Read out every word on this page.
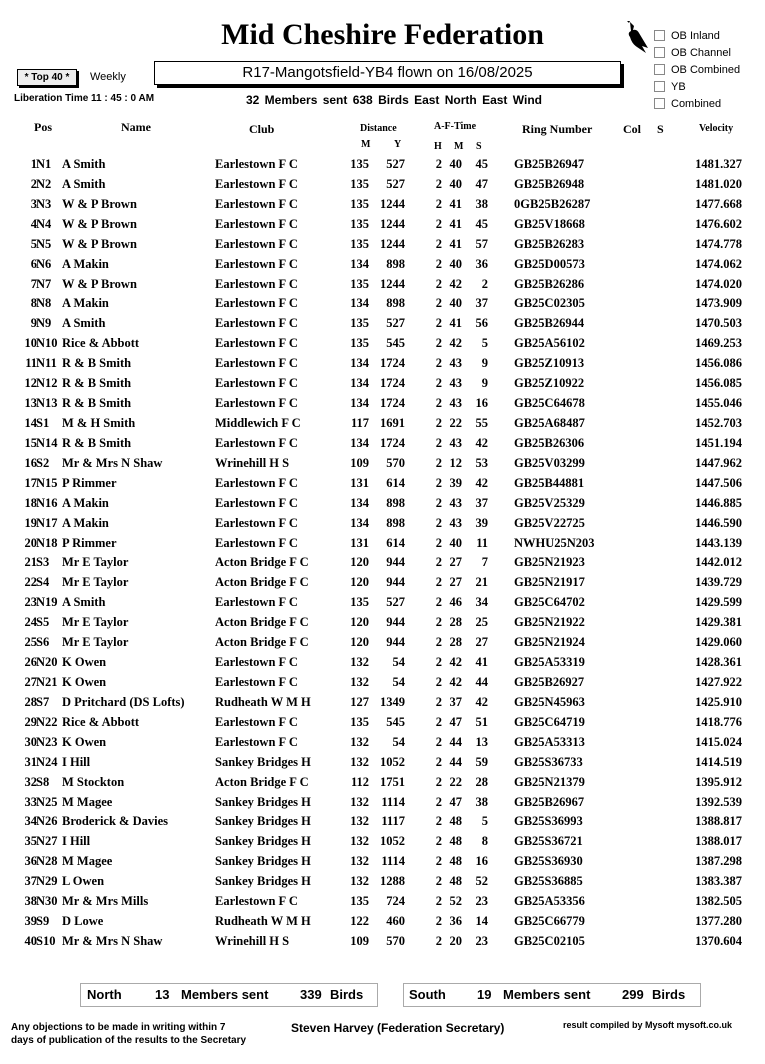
Mid Cheshire Federation	OB Inland
OB Channel
OB Combined
YB
Combined
* Top 40 *	Weekly	R17-Mangotsfield-YB4 flown on 16/08/2025
Liberation Time 11 : 45 : 0 AM	32 Members sent 638 Birds East North East Wind
Pos	Name	Club	Distance
M Y
A-F-Time
H M S
Ring Number	Col S	Velocity
1 N1 A Smith	Earlestown F C	135	527	2 40	45 GB25B26947	1481.327
2 N2 A Smith	Earlestown F C	135	527	2 40	47 GB25B26948	1481.020
3 N3 W & P Brown	Earlestown F C	135 1244	2 41	38 0GB25B26287	1477.668
4 N4 W & P Brown	Earlestown F C	135 1244	2 41	45 GB25V18668	1476.602
5 N5 W & P Brown	Earlestown F C	135 1244	2 41	57 GB25B26283	1474.778
6 N6 A Makin	Earlestown F C	134	898	2 40	36 GB25D00573	1474.062
7 N7 W & P Brown	Earlestown F C	135 1244	2 42	2 GB25B26286	1474.020
8 N8 A Makin	Earlestown F C	134	898	2 40	37 GB25C02305	1473.909
9 N9 A Smith	Earlestown F C	135	527	2 41	56 GB25B26944	1470.503
10 N10 Rice & Abbott	Earlestown F C	135	545	2 42	5 GB25A56102	1469.253
11 N11 R & B Smith	Earlestown F C	134 1724	2 43	9 GB25Z10913	1456.086
12 N12 R & B Smith	Earlestown F C	134 1724	2 43	9 GB25Z10922	1456.085
13 N13 R & B Smith	Earlestown F C	134 1724	2 43	16 GB25C64678	1455.046
14 S1 M & H Smith	Middlewich F C	117 1691	2 22	55 GB25A68487	1452.703
15 N14 R & B Smith	Earlestown F C	134 1724	2 43	42 GB25B26306	1451.194
16 S2 Mr & Mrs N Shaw	Wrinehill H S	109	570	2 12	53 GB25V03299	1447.962
17 N15 P Rimmer	Earlestown F C	131	614	2 39	42 GB25B44881	1447.506
18 N16 A Makin	Earlestown F C	134	898	2 43	37 GB25V25329	1446.885
19 N17 A Makin	Earlestown F C	134	898	2 43	39 GB25V22725	1446.590
20 N18 P Rimmer	Earlestown F C	131	614	2 40	11 NWHU25N203	1443.139
21 S3 Mr E Taylor	Acton Bridge F C	120	944	2 27	7 GB25N21923	1442.012
22 S4 Mr E Taylor	Acton Bridge F C	120	944	2 27	21 GB25N21917	1439.729
23 N19 A Smith	Earlestown F C	135	527	2 46	34 GB25C64702	1429.599
24 S5 Mr E Taylor	Acton Bridge F C	120	944	2 28	25 GB25N21922	1429.381
25 S6 Mr E Taylor	Acton Bridge F C	120	944	2 28	27 GB25N21924	1429.060
26 N20 K Owen	Earlestown F C	132	54	2 42	41 GB25A53319	1428.361
27 N21 K Owen	Earlestown F C	132	54	2 42	44 GB25B26927	1427.922
28 S7 D Pritchard (DS Lofts) Rudheath W M H	127 1349	2 37	42 GB25N45963	1425.910
29 N22 Rice & Abbott	Earlestown F C	135	545	2 47	51 GB25C64719	1418.776
30 N23 K Owen	Earlestown F C	132	54	2 44	13 GB25A53313	1415.024
31 N24 I Hill	Sankey Bridges H	132 1052	2 44	59 GB25S36733	1414.519
32 S8 M Stockton	Acton Bridge F C	112 1751	2 22	28 GB25N21379	1395.912
33 N25 M Magee	Sankey Bridges H	132 1114	2 47	38 GB25B26967	1392.539
34 N26 Broderick & Davies	Sankey Bridges H	132 1117	2 48	5 GB25S36993	1388.817
35 N27 I Hill	Sankey Bridges H	132 1052	2 48	8 GB25S36721	1388.017
36 N28 M Magee	Sankey Bridges H	132 1114	2 48	16 GB25S36930	1387.298
37 N29 L Owen	Sankey Bridges H	132 1288	2 48	52 GB25S36885	1383.387
38 N30 Mr & Mrs Mills	Earlestown F C	135	724	2 52	23 GB25A53356	1382.505
39 S9 D Lowe	Rudheath W M H	122	460	2 36	14 GB25C66779	1377.280
40 S10 Mr & Mrs N Shaw	Wrinehill H S	109	570	2 20	23 GB25C02105	1370.604
North	13 Members sent 339 Birds	South 19 Members sent 299 Birds
Any objections to be made in writing within 7
days of publication of the results to the Secretary
Steven Harvey (Federation Secretary)	result compiled by Mysoft mysoft.co.uk
